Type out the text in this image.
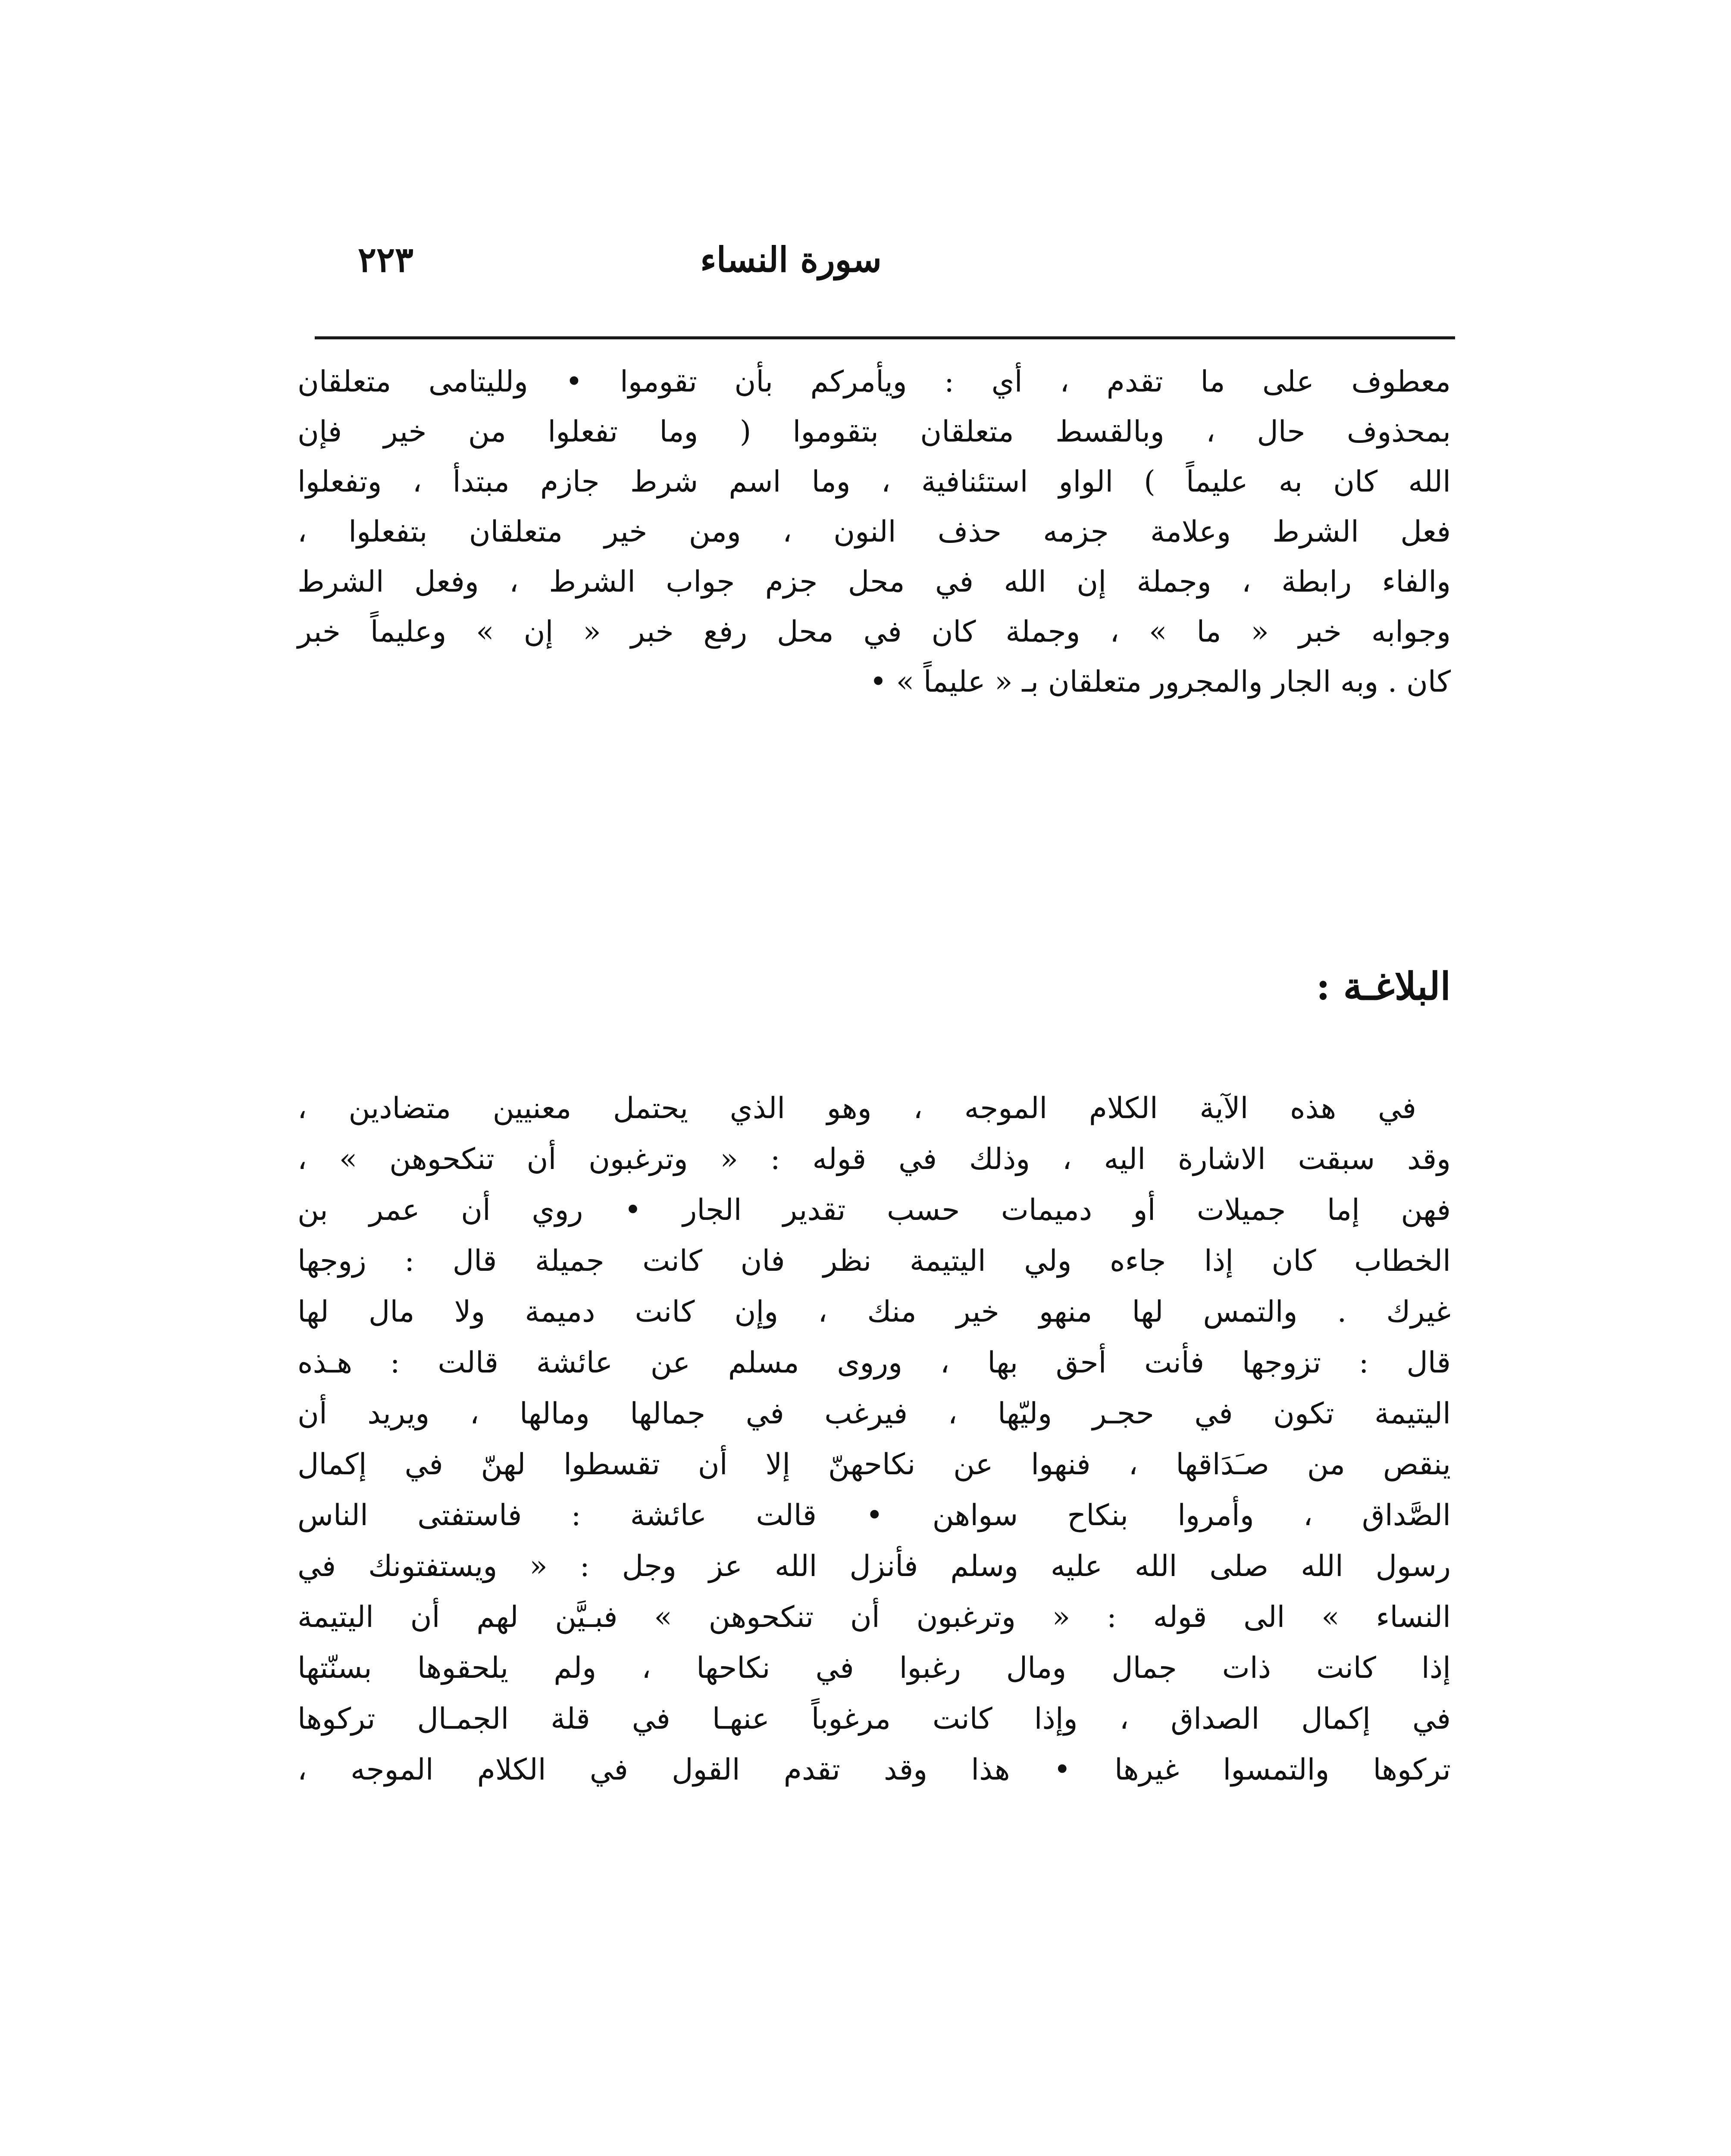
سورة النساء
٢٢٣

معطوف على ما تقدم ، أي : ويأمركم بأن تقوموا • ولليتامى متعلقان
بمحذوف حال ، وبالقسط متعلقان بتقوموا ( وما تفعلوا من خير فإن
الله كان به عليماً ) الواو استئنافية ، وما اسم شرط جازم مبتدأ ، وتفعلوا
فعل الشرط وعلامة جزمه حذف النون ، ومن خير متعلقان بتفعلوا ،
والفاء رابطة ، وجملة إن الله في محل جزم جواب الشرط ، وفعل الشرط
وجوابه خبر « ما » ، وجملة كان في محل رفع خبر « إن » وعليماً خبر
كان . وبه الجار والمجرور متعلقان بـ « عليماً » •

البلاغـة :

في هذه الآية الكلام الموجه ، وهو الذي يحتمل معنيين متضادين ،
وقد سبقت الاشارة اليه ، وذلك في قوله : « وترغبون أن تنكحوهن » ،
فهن إما جميلات أو دميمات حسب تقدير الجار • روي أن عمر بن
الخطاب كان إذا جاءه ولي اليتيمة نظر فان كانت جميلة قال : زوجها
غيرك . والتمس لها منهو خير منك ، وإن كانت دميمة ولا مال لها
قال : تزوجها فأنت أحق بها ، وروى مسلم عن عائشة قالت : هـذه
اليتيمة تكون في حجـر وليّها ، فيرغب في جمالها ومالها ، ويريد أن
ينقص من صـَدَاقها ، فنهوا عن نكاحهنّ إلا أن تقسطوا لهنّ في إكمال
الصَّداق ، وأمروا بنكاح سواهن • قالت عائشة : فاستفتى الناس
رسول الله صلى الله عليه وسلم فأنزل الله عز وجل : « ويستفتونك في
النساء » الى قوله : « وترغبون أن تنكحوهن » فبـيَّن لهم أن اليتيمة
إذا كانت ذات جمال ومال رغبوا في نكاحها ، ولم يلحقوها بسنّتها
في إكمال الصداق ، وإذا كانت مرغوباً عنهـا في قلة الجمـال تركوها
تركوها والتمسوا غيرها • هذا وقد تقدم القول في الكلام الموجه ،
